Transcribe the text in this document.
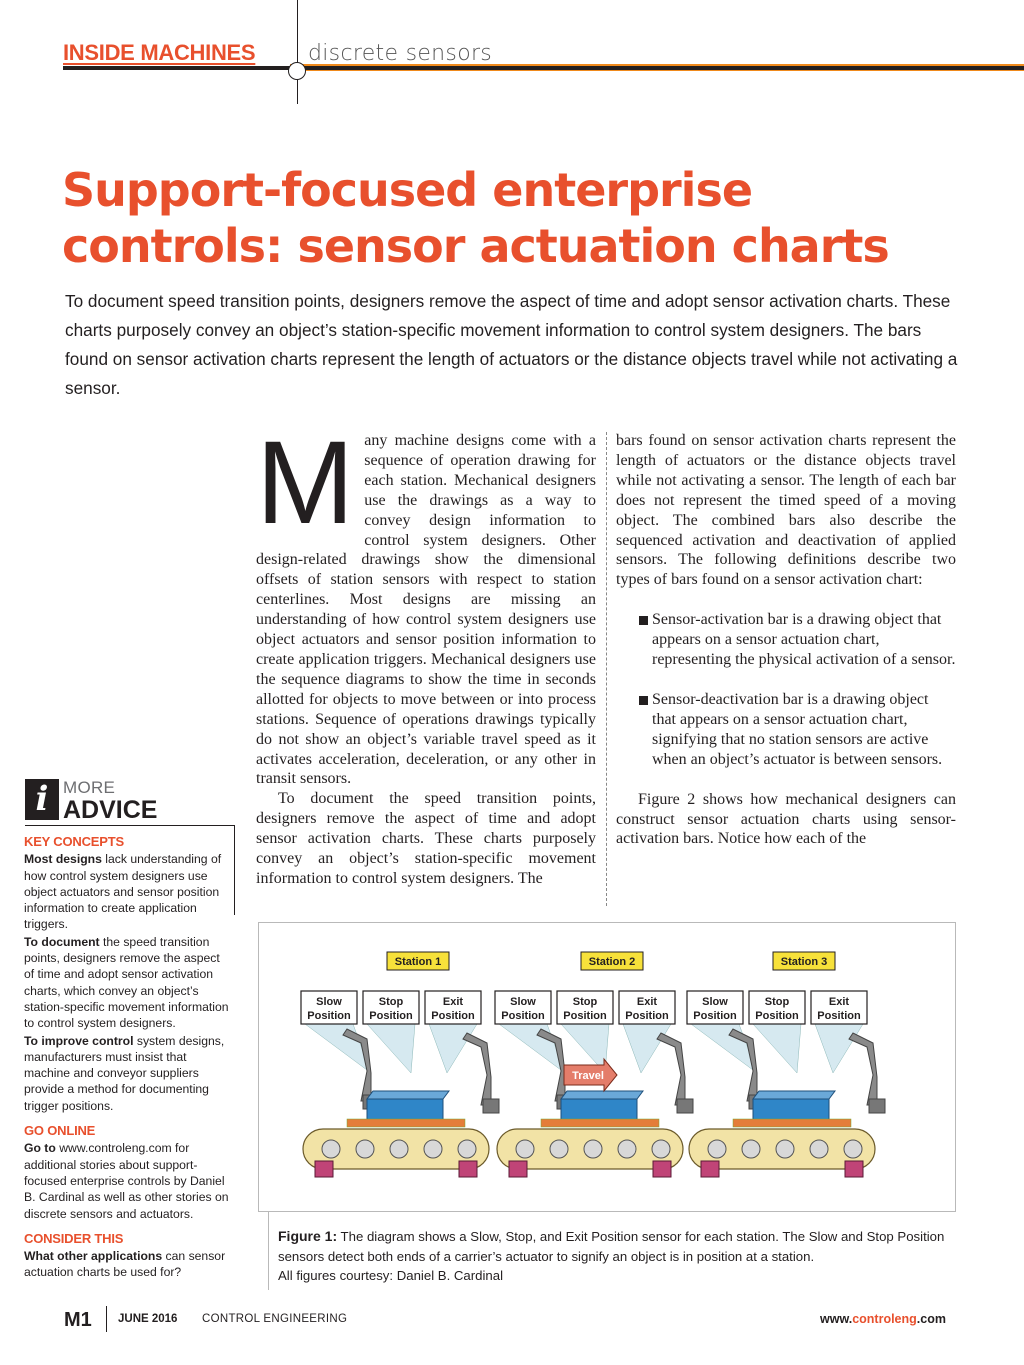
INSIDE MACHINES discrete sensors
Support-focused enterprise controls: sensor actuation charts

To document speed transition points, designers remove the aspect of time and adopt sensor activation charts. These charts purposely convey an object’s station-specific movement information to control system designers. The bars found on sensor activation charts represent the length of actuators or the distance objects travel while not activating a sensor.

M any machine designs come with a sequence of operation drawing for each station. Mechanical designers use the drawings as a way to convey design information to control system designers. Other design-related drawings show the dimensional offsets of station sensors with respect to station centerlines. Most designs are missing an understanding of how control system designers use object actuators and sensor position information to create application triggers. Mechanical designers use the sequence diagrams to show the time in seconds allotted for objects to move between or into process stations. Sequence of operations drawings typically do not show an object’s variable travel speed as it activates acceleration, deceleration, or any other in transit sensors.

To document the speed transition points, designers remove the aspect of time and adopt sensor activation charts. These charts purposely convey an object’s station-specific movement information to control system designers. The

bars found on sensor activation charts represent the length of actuators or the distance objects travel while not activating a sensor. The length of each bar does not represent the timed speed of a moving object. The combined bars also describe the sequenced activation and deactivation of applied sensors. The following definitions describe two types of bars found on a sensor activation chart:

Sensor-activation bar is a drawing object that appears on a sensor actuation chart, representing the physical activation of a sensor.

Sensor-deactivation bar is a drawing object that appears on a sensor actuation chart, signifying that no station sensors are active when an object’s actuator is between sensors.

Figure 2 shows how mechanical designers can construct sensor actuation charts using sensor-activation bars. Notice how each of the

i MORE
ADVICE
KEY CONCEPTS
Most designs lack understanding of how control system designers use object actuators and sensor position information to create application triggers.
To document the speed transition points, designers remove the aspect of time and adopt sensor activation charts, which convey an object’s station-specific movement information to control system designers.
To improve control system designs, manufacturers must insist that machine and conveyor suppliers provide a method for documenting trigger positions.
GO ONLINE
Go to www.controleng.com for additional stories about support-focused enterprise controls by Daniel B. Cardinal as well as other stories on discrete sensors and actuators.
CONSIDER THIS
What other applications can sensor actuation charts be used for?
Station 1
Slow
Position
Stop
Position
Exit
Position
Station 2
Slow
Position
Stop
Position
Exit
Position
Station 3
Slow
Position
Stop
Position
Exit
Position
Travel
Figure 1: The diagram shows a Slow, Stop, and Exit Position sensor for each station. The Slow and Stop Position sensors detect both ends of a carrier’s actuator to signify an object is in position at a station.
All figures courtesy: Daniel B. Cardinal
M1 JUNE 2016 CONTROL ENGINEERING	www.controleng.com
